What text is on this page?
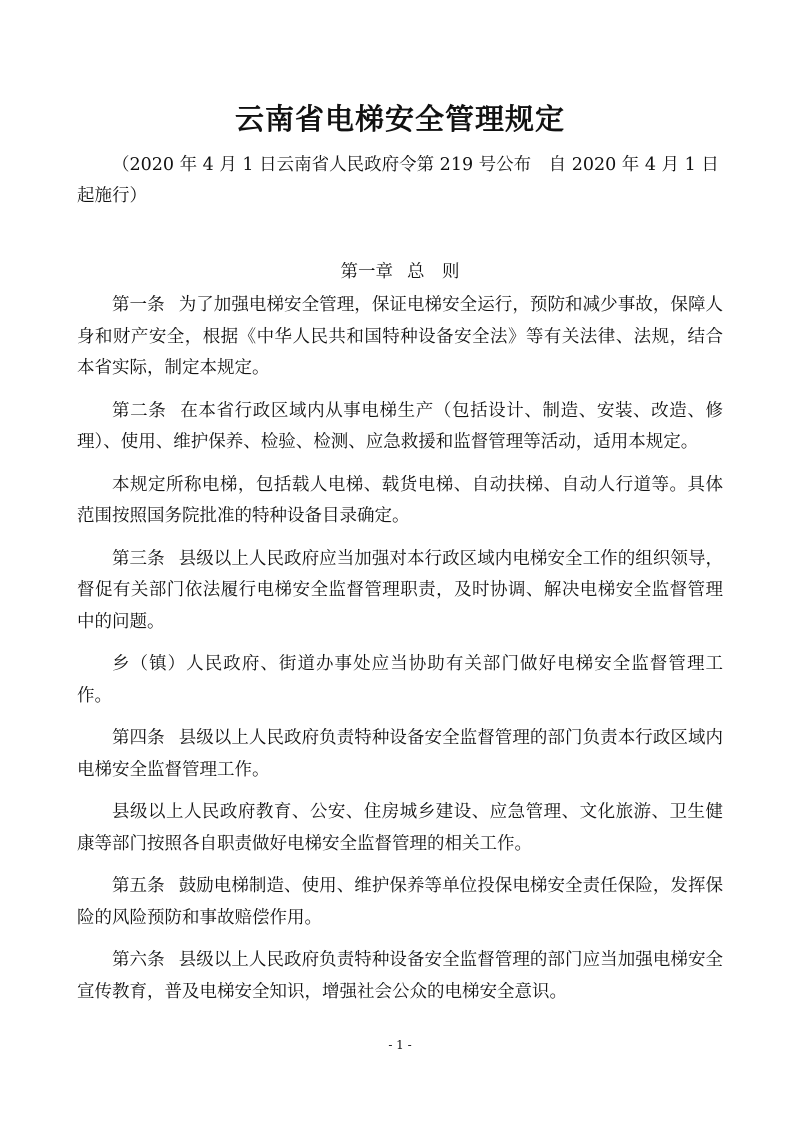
云南省电梯安全管理规定
（2020 年 4 月 1 日云南省人民政府令第 219 号公布　自 2020 年 4 月 1 日起施行）
第一章 总　则

第一条 为了加强电梯安全管理，保证电梯安全运行，预防和减少事故，保障人身和财产安全，根据《中华人民共和国特种设备安全法》等有关法律、法规，结合本省实际，制定本规定。

第二条 在本省行政区域内从事电梯生产（包括设计、制造、安装、改造、修理）、使用、维护保养、检验、检测、应急救援和监督管理等活动，适用本规定。

本规定所称电梯，包括载人电梯、载货电梯、自动扶梯、自动人行道等。具体范围按照国务院批准的特种设备目录确定。

第三条 县级以上人民政府应当加强对本行政区域内电梯安全工作的组织领导，督促有关部门依法履行电梯安全监督管理职责，及时协调、解决电梯安全监督管理中的问题。

乡（镇）人民政府、街道办事处应当协助有关部门做好电梯安全监督管理工作。

第四条 县级以上人民政府负责特种设备安全监督管理的部门负责本行政区域内电梯安全监督管理工作。

县级以上人民政府教育、公安、住房城乡建设、应急管理、文化旅游、卫生健康等部门按照各自职责做好电梯安全监督管理的相关工作。

第五条 鼓励电梯制造、使用、维护保养等单位投保电梯安全责任保险，发挥保险的风险预防和事故赔偿作用。

第六条 县级以上人民政府负责特种设备安全监督管理的部门应当加强电梯安全宣传教育，普及电梯安全知识，增强社会公众的电梯安全意识。

- 1 -
